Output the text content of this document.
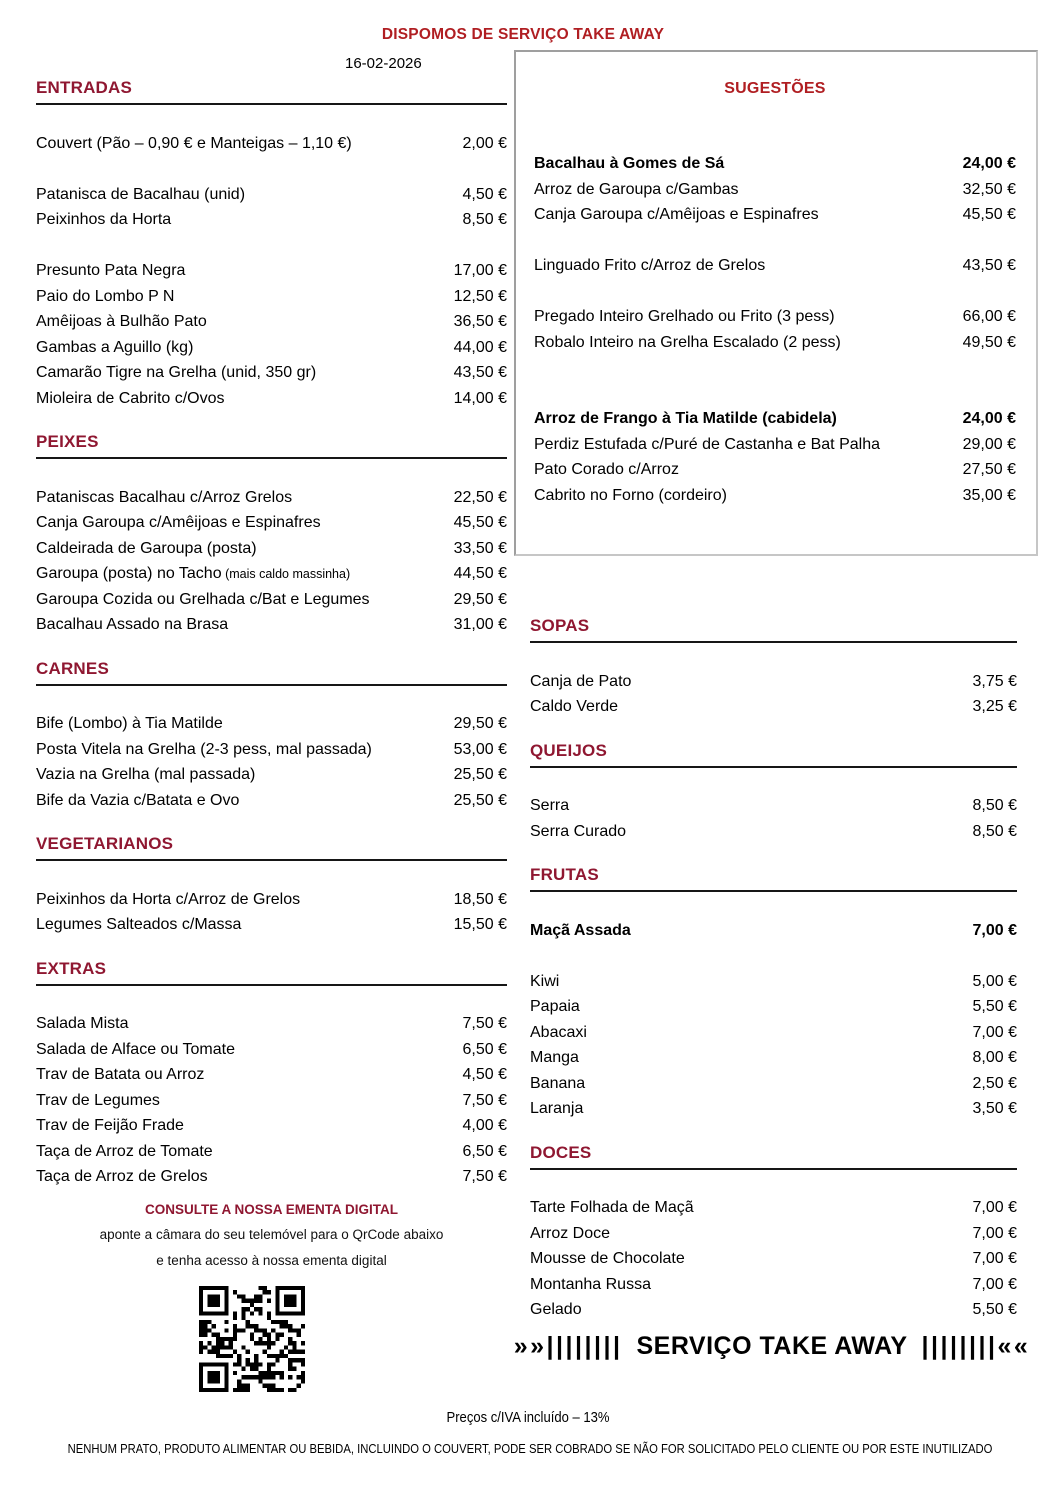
DISPOMOS DE SERVIÇO TAKE AWAY
16-02-2026
SUGESTÕES
Bacalhau à Gomes de Sá	24,00 €
Arroz de Garoupa c/Gambas	32,50 €
Canja Garoupa c/Amêijoas e Espinafres	45,50 €
Linguado Frito c/Arroz de Grelos	43,50 €
Pregado Inteiro Grelhado ou Frito (3 pess)	66,00 €
Robalo Inteiro na Grelha Escalado (2 pess)	49,50 €
Arroz de Frango à Tia Matilde (cabidela)	24,00 €
Perdiz Estufada c/Puré de Castanha e Bat Palha	29,00 €
Pato Corado c/Arroz	27,50 €
Cabrito no Forno (cordeiro)	35,00 €
ENTRADAS
Couvert (Pão – 0,90 € e Manteigas – 1,10 €)	2,00 €
Patanisca de Bacalhau (unid)	4,50 €
Peixinhos da Horta	8,50 €
Presunto Pata Negra	17,00 €
Paio do Lombo P N	12,50 €
Amêijoas à Bulhão Pato	36,50 €
Gambas a Aguillo (kg)	44,00 €
Camarão Tigre na Grelha (unid, 350 gr)	43,50 €
Mioleira de Cabrito c/Ovos	14,00 €
PEIXES
Pataniscas Bacalhau c/Arroz Grelos	22,50 €
Canja Garoupa c/Amêijoas e Espinafres	45,50 €
Caldeirada de Garoupa (posta)	33,50 €
Garoupa (posta) no Tacho (mais caldo massinha)	44,50 €
Garoupa Cozida ou Grelhada c/Bat e Legumes	29,50 €
Bacalhau Assado na Brasa	31,00 €
CARNES
Bife (Lombo) à Tia Matilde	29,50 €
Posta Vitela na Grelha (2-3 pess, mal passada)	53,00 €
Vazia na Grelha (mal passada)	25,50 €
Bife da Vazia c/Batata e Ovo	25,50 €
VEGETARIANOS
Peixinhos da Horta c/Arroz de Grelos	18,50 €
Legumes Salteados c/Massa	15,50 €
EXTRAS
Salada Mista	7,50 €
Salada de Alface ou Tomate	6,50 €
Trav de Batata ou Arroz	4,50 €
Trav de Legumes	7,50 €
Trav de Feijão Frade	4,00 €
Taça de Arroz de Tomate	6,50 €
Taça de Arroz de Grelos	7,50 €
CONSULTE A NOSSA EMENTA DIGITAL
aponte a câmara do seu telemóvel para o QrCode abaixo
e tenha acesso à nossa ementa digital
SOPAS
Canja de Pato	3,75 €
Caldo Verde	3,25 €
QUEIJOS
Serra	8,50 €
Serra Curado	8,50 €
FRUTAS
Maçã Assada	7,00 €
Kiwi	5,00 €
Papaia	5,50 €
Abacaxi	7,00 €
Manga	8,00 €
Banana	2,50 €
Laranja	3,50 €
DOCES
Tarte Folhada de Maçã	7,00 €
Arroz Doce	7,00 €
Mousse de Chocolate	7,00 €
Montanha Russa	7,00 €
Gelado	5,50 €
»»|||||||| SERVIÇO TAKE AWAY ||||||||««
Preços c/IVA incluído – 13%
NENHUM PRATO, PRODUTO ALIMENTAR OU BEBIDA, INCLUINDO O COUVERT, PODE SER COBRADO SE NÃO FOR SOLICITADO PELO CLIENTE OU POR ESTE INUTILIZADO
